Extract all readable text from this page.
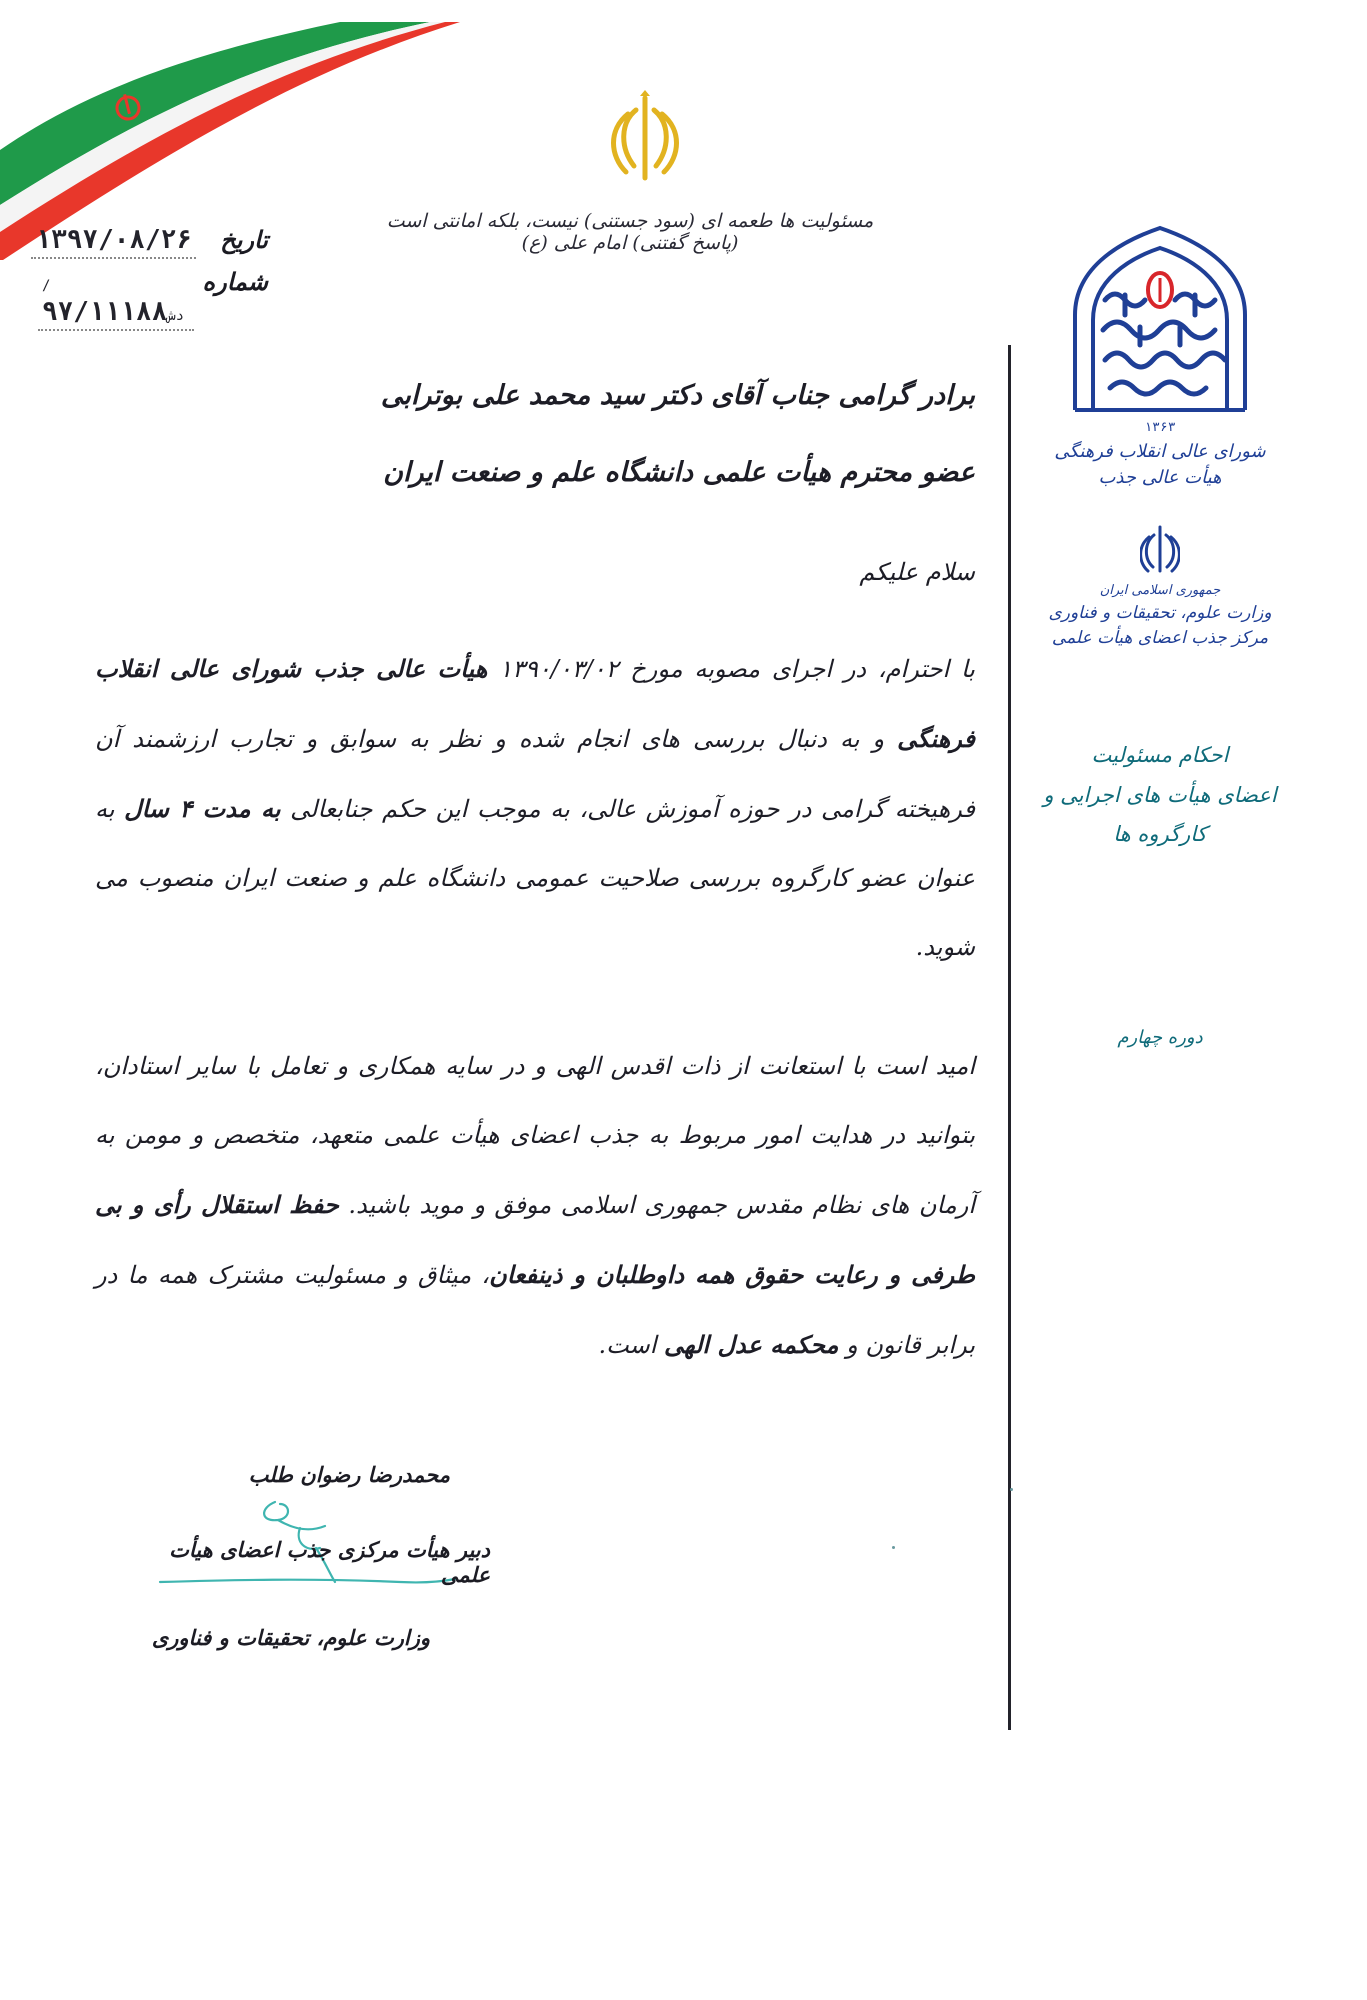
مسئولیت ها طعمه ای (سود جستنی) نیست، بلکه امانتی است (پاسخ گفتنی) امام علی (ع)
تاریخ
۱۳۹۷/۰۸/۲۶
شماره
/دش۹۷/۱۱۱۸۸
۱۳۶۳
شورای عالی انقلاب فرهنگی
هیأت عالی جذب
جمهوری اسلامی ایران
وزارت علوم، تحقیقات و فناوری
مرکز جذب اعضای هیأت علمی
احکام مسئولیت
اعضای هیأت های اجرایی و کارگروه ها
دوره چهارم

برادر گرامی جناب آقای دکتر سید محمد علی بوترابی

عضو محترم هیأت علمی دانشگاه علم و صنعت ایران

سلام علیکم

با احترام، در اجرای مصوبه مورخ ۱۳۹۰/۰۳/۰۲ هیأت عالی جذب شورای عالی انقلاب فرهنگی و به دنبال بررسی های انجام شده و نظر به سوابق و تجارب ارزشمند آن فرهیخته گرامی در حوزه آموزش عالی، به موجب این حکم جنابعالی به مدت ۴ سال به عنوان عضو کارگروه بررسی صلاحیت عمومی دانشگاه علم و صنعت ایران منصوب می شوید.

امید است با استعانت از ذات اقدس الهی و در سایه همکاری و تعامل با سایر استادان، بتوانید در هدایت امور مربوط به جذب اعضای هیأت علمی متعهد، متخصص و مومن به آرمان های نظام مقدس جمهوری اسلامی موفق و موید باشید. حفظ استقلال رأی و بی طرفی و رعایت حقوق همه داوطلبان و ذینفعان، میثاق و مسئولیت مشترک همه ما در برابر قانون و محکمه عدل الهی است.

محمدرضا رضوان طلب
دبیر هیأت مرکزی جذب اعضای هیأت علمی
وزارت علوم، تحقیقات و فناوری
